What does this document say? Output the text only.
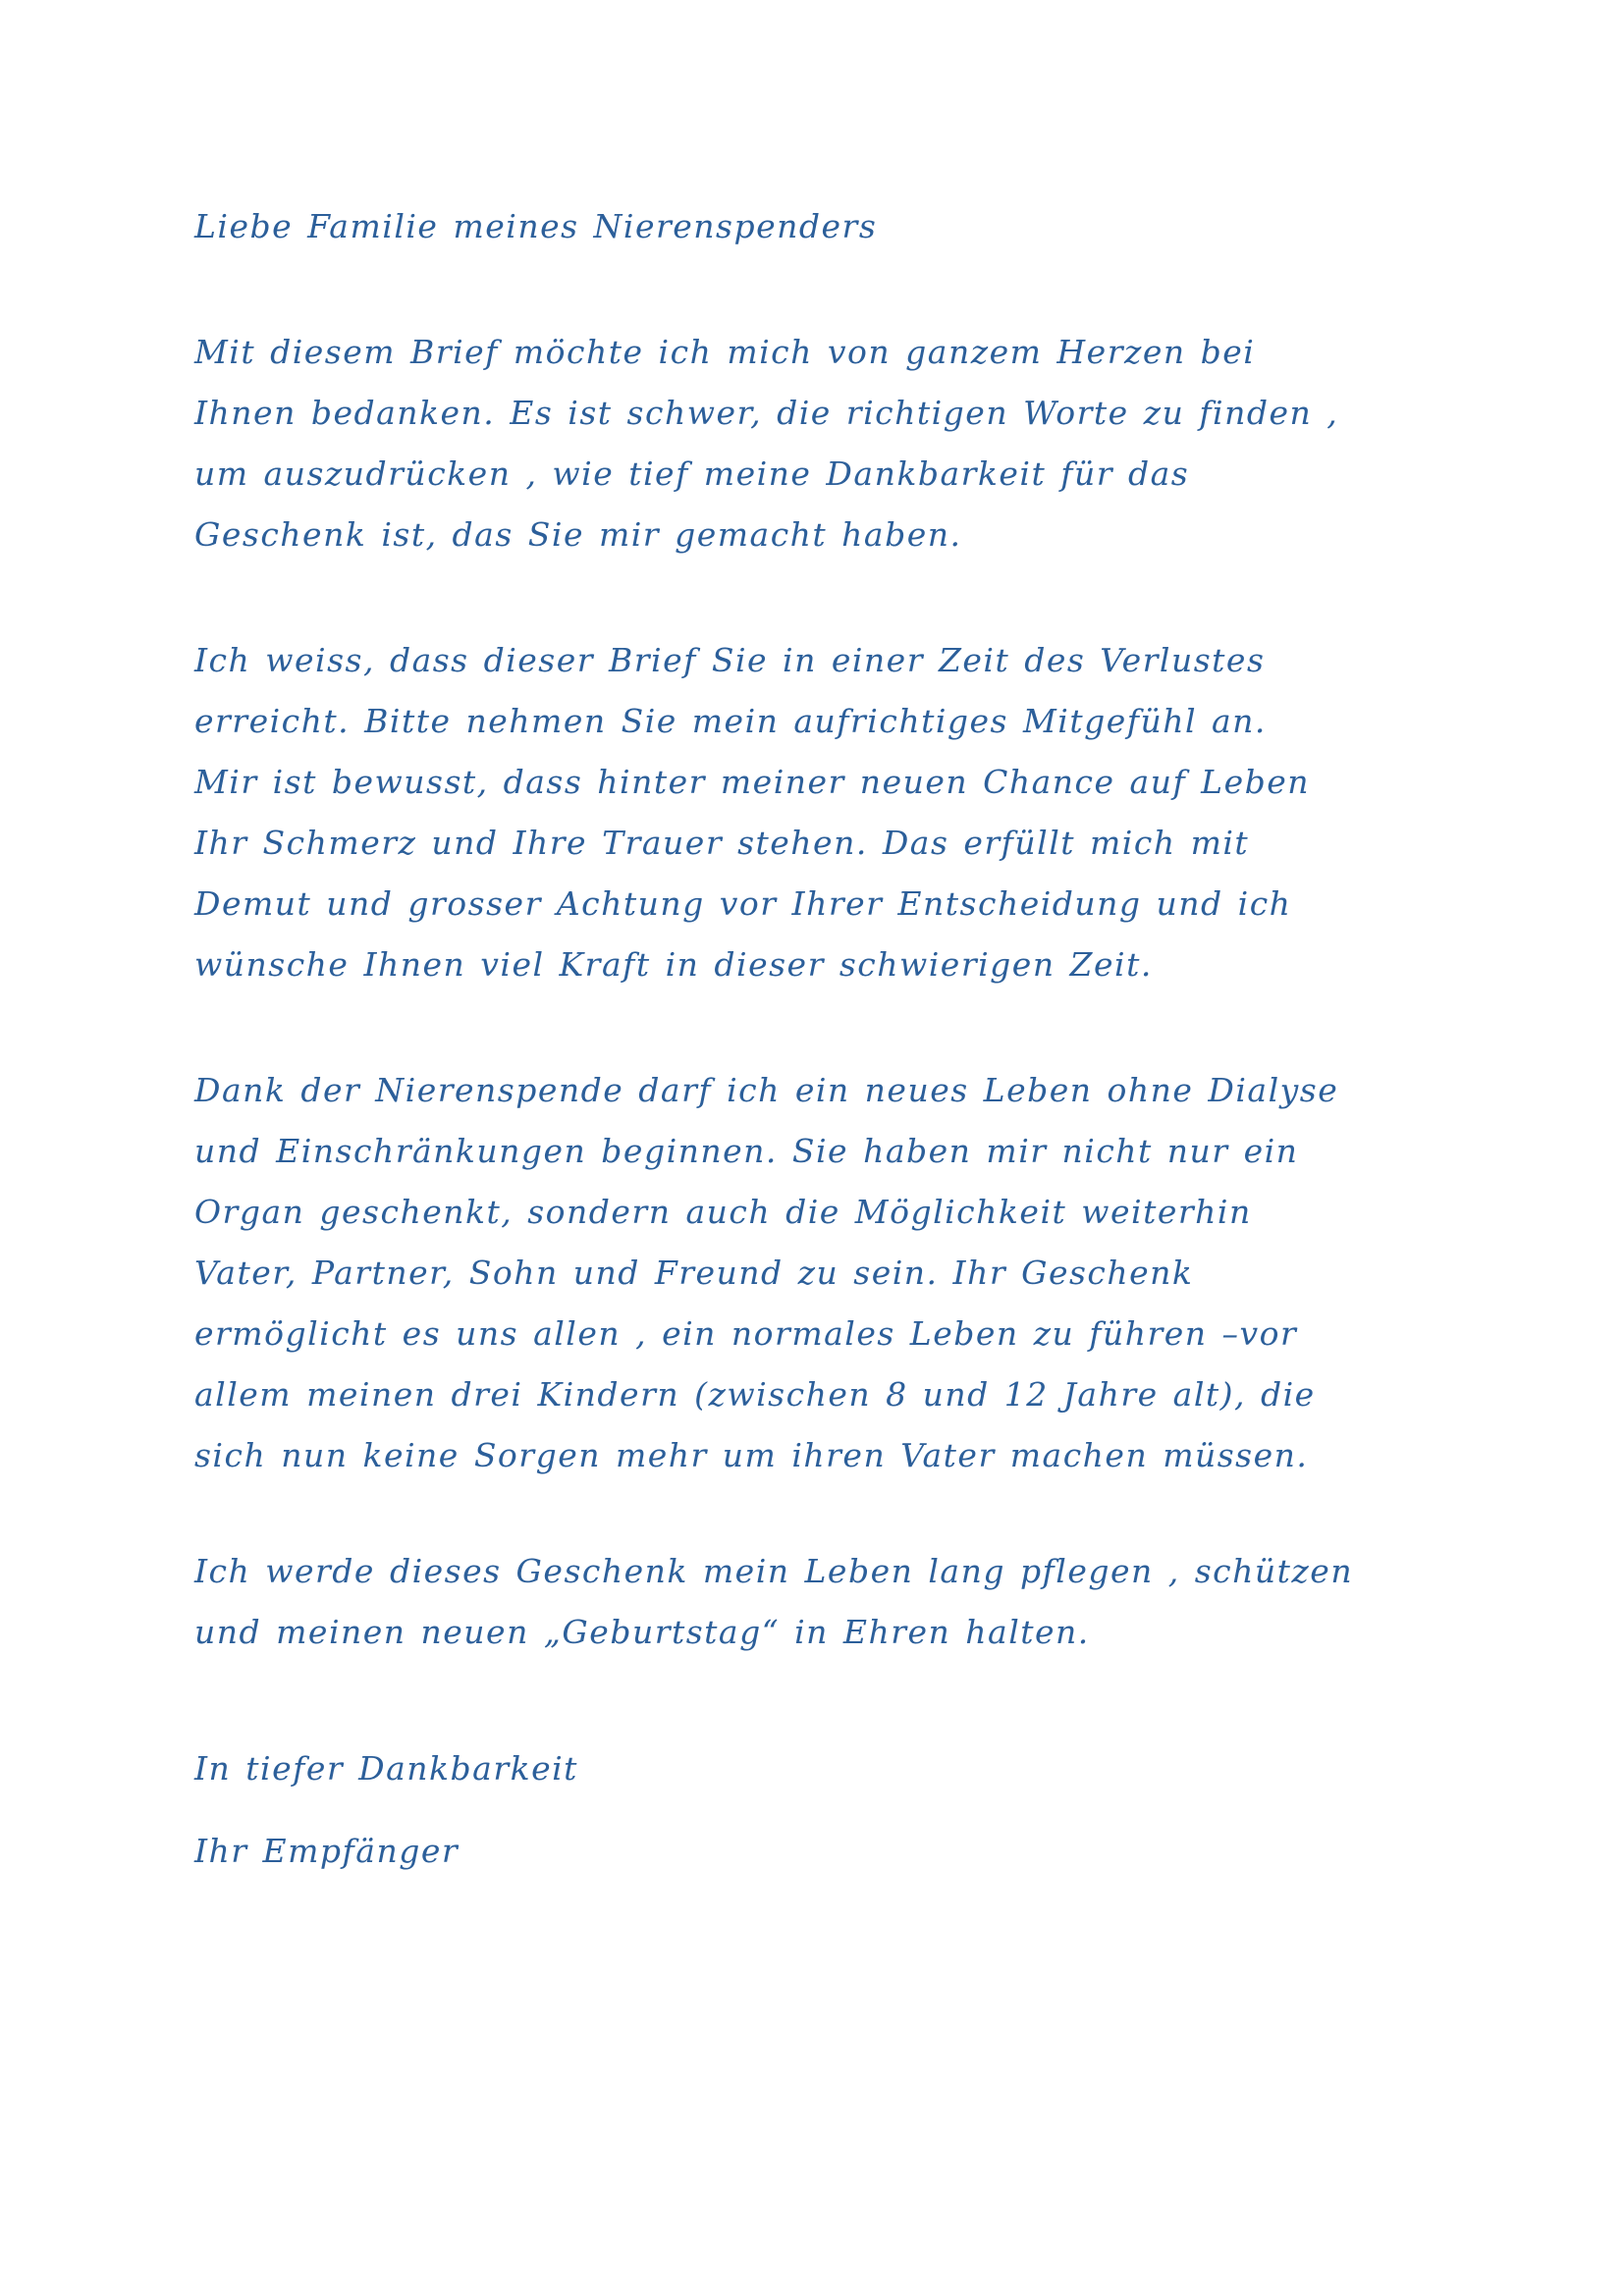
Liebe Familie meines Nierenspenders
Mit diesem Brief möchte ich mich von ganzem Herzen bei
Ihnen bedanken. Es ist schwer, die richtigen Worte zu finden ,
um auszudrücken , wie tief meine Dankbarkeit für das
Geschenk ist, das Sie mir gemacht haben.
Ich weiss, dass dieser Brief Sie in einer Zeit des Verlustes
erreicht. Bitte nehmen Sie mein aufrichtiges Mitgefühl an.
Mir ist bewusst, dass hinter meiner neuen Chance auf Leben
Ihr Schmerz und Ihre Trauer stehen. Das erfüllt mich mit
Demut und grosser Achtung vor Ihrer Entscheidung und ich
wünsche Ihnen viel Kraft in dieser schwierigen Zeit.
Dank der Nierenspende darf ich ein neues Leben ohne Dialyse
und Einschränkungen beginnen. Sie haben mir nicht nur ein
Organ geschenkt, sondern auch die Möglichkeit weiterhin
Vater, Partner, Sohn und Freund zu sein. Ihr Geschenk
ermöglicht es uns allen , ein normales Leben zu führen –vor
allem meinen drei Kindern (zwischen 8 und 12 Jahre alt), die
sich nun keine Sorgen mehr um ihren Vater machen müssen.
Ich werde dieses Geschenk mein Leben lang pflegen , schützen
und meinen neuen „Geburtstag“ in Ehren halten.
In tiefer Dankbarkeit
Ihr Empfänger
